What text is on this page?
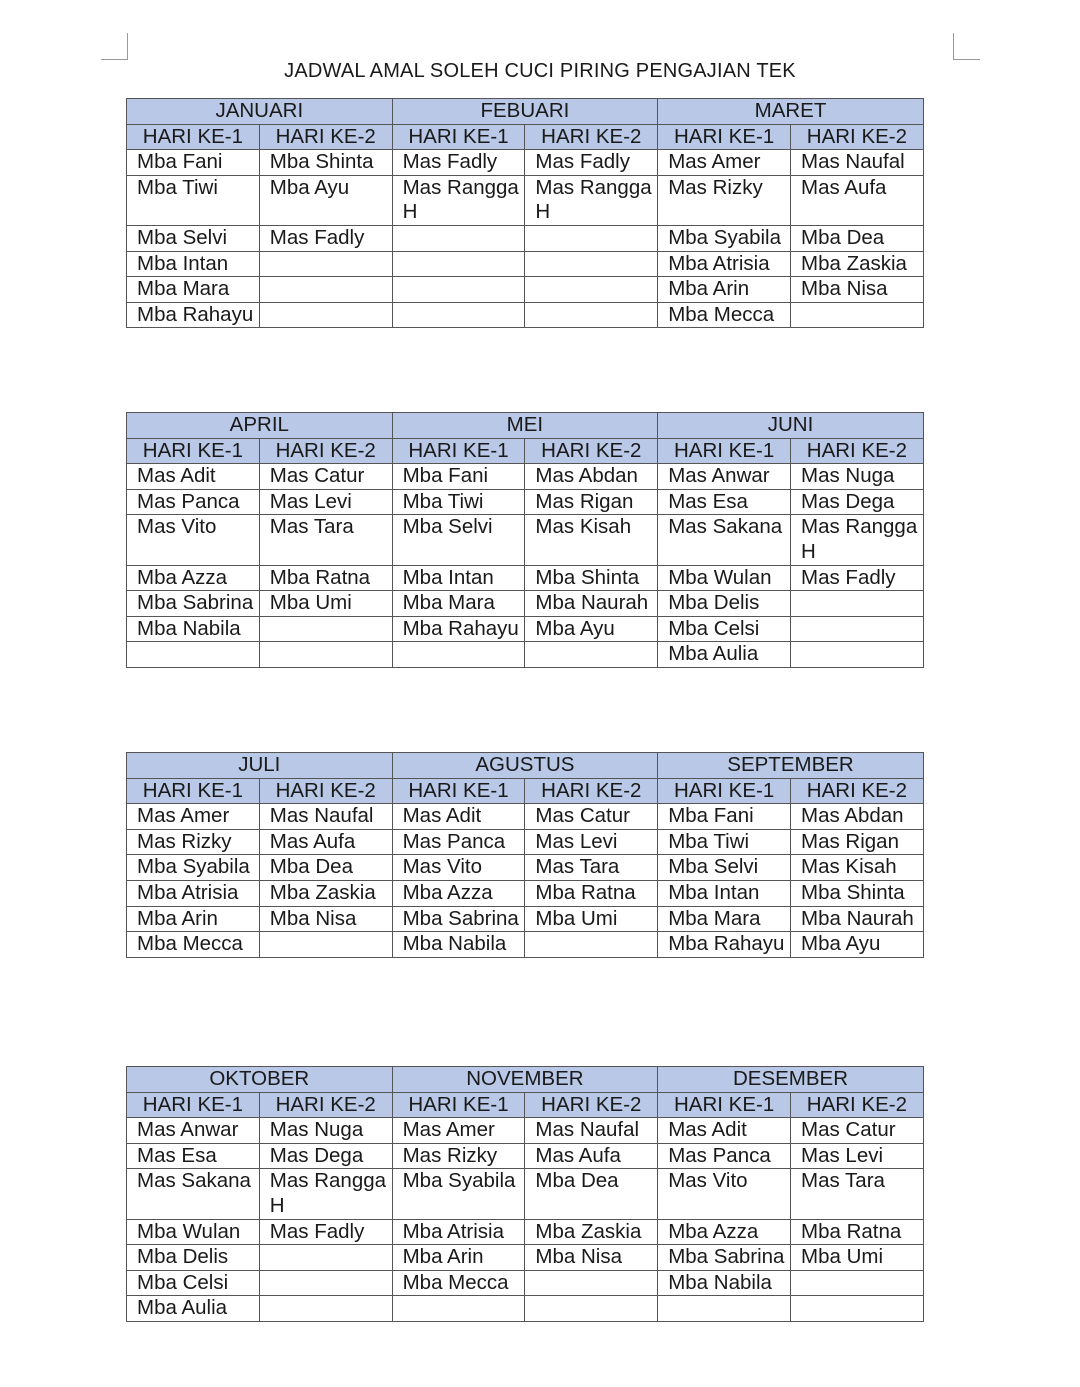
JADWAL AMAL SOLEH CUCI PIRING PENGAJIAN TEK
JANUARI		FEBUARI		MARET	
HARI KE-1	HARI KE-2	HARI KE-1	HARI KE-2	HARI KE-1	HARI KE-2
Mba Fani	Mba Shinta	Mas Fadly	Mas Fadly	Mas Amer	Mas Naufal
Mba Tiwi	Mba Ayu	Mas Rangga H	Mas Rangga H	Mas Rizky	Mas Aufa
Mba Selvi	Mas Fadly			Mba Syabila	Mba Dea
Mba Intan				Mba Atrisia	Mba Zaskia
Mba Mara				Mba Arin	Mba Nisa
Mba Rahayu				Mba Mecca	
APRIL		MEI		JUNI	
HARI KE-1	HARI KE-2	HARI KE-1	HARI KE-2	HARI KE-1	HARI KE-2
Mas Adit	Mas Catur	Mba Fani	Mas Abdan	Mas Anwar	Mas Nuga
Mas Panca	Mas Levi	Mba Tiwi	Mas Rigan	Mas Esa	Mas Dega
Mas Vito	Mas Tara	Mba Selvi	Mas Kisah	Mas Sakana	Mas Rangga H
Mba Azza	Mba Ratna	Mba Intan	Mba Shinta	Mba Wulan	Mas Fadly
Mba Sabrina	Mba Umi	Mba Mara	Mba Naurah	Mba Delis	
Mba Nabila		Mba Rahayu	Mba Ayu	Mba Celsi	
				Mba Aulia	
JULI		AGUSTUS		SEPTEMBER	
HARI KE-1	HARI KE-2	HARI KE-1	HARI KE-2	HARI KE-1	HARI KE-2
Mas Amer	Mas Naufal	Mas Adit	Mas Catur	Mba Fani	Mas Abdan
Mas Rizky	Mas Aufa	Mas Panca	Mas Levi	Mba Tiwi	Mas Rigan
Mba Syabila	Mba Dea	Mas Vito	Mas Tara	Mba Selvi	Mas Kisah
Mba Atrisia	Mba Zaskia	Mba Azza	Mba Ratna	Mba Intan	Mba Shinta
Mba Arin	Mba Nisa	Mba Sabrina	Mba Umi	Mba Mara	Mba Naurah
Mba Mecca		Mba Nabila		Mba Rahayu	Mba Ayu
OKTOBER		NOVEMBER		DESEMBER	
HARI KE-1	HARI KE-2	HARI KE-1	HARI KE-2	HARI KE-1	HARI KE-2
Mas Anwar	Mas Nuga	Mas Amer	Mas Naufal	Mas Adit	Mas Catur
Mas Esa	Mas Dega	Mas Rizky	Mas Aufa	Mas Panca	Mas Levi
Mas Sakana	Mas Rangga H	Mba Syabila	Mba Dea	Mas Vito	Mas Tara
Mba Wulan	Mas Fadly	Mba Atrisia	Mba Zaskia	Mba Azza	Mba Ratna
Mba Delis		Mba Arin	Mba Nisa	Mba Sabrina	Mba Umi
Mba Celsi		Mba Mecca		Mba Nabila	
Mba Aulia					
